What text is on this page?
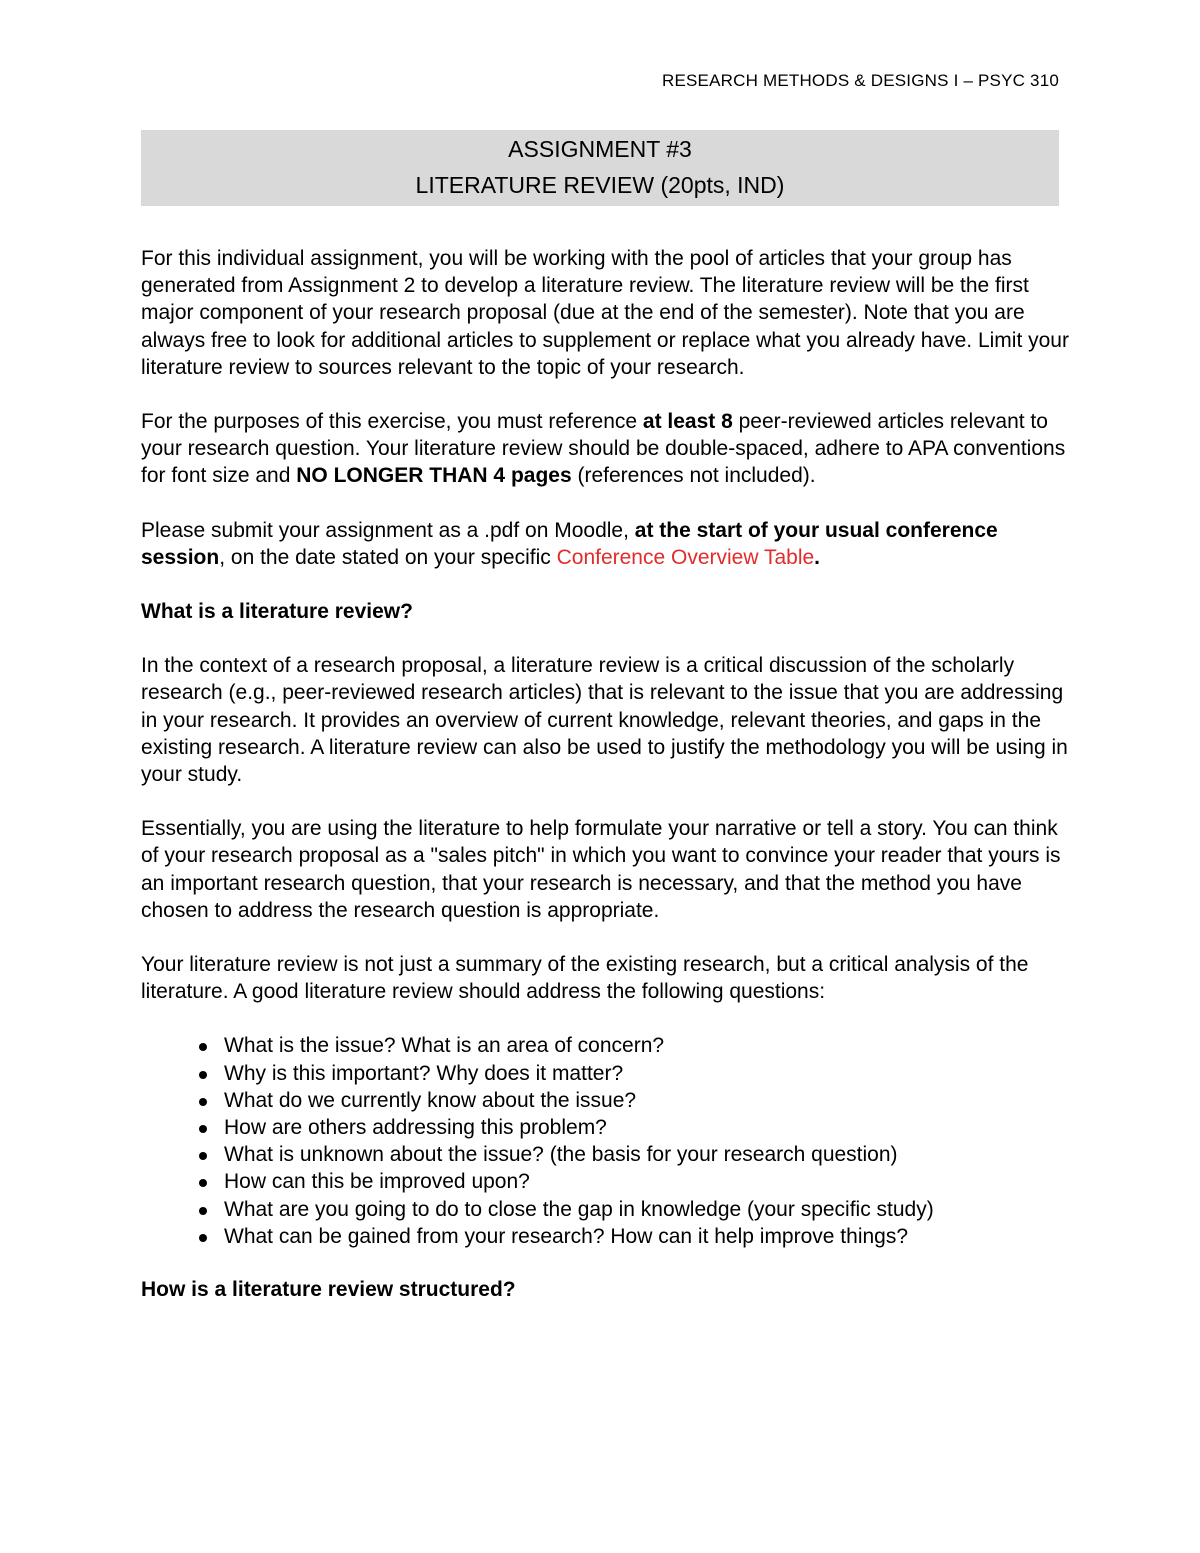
RESEARCH METHODS & DESIGNS I – PSYC 310
ASSIGNMENT #3
LITERATURE REVIEW (20pts, IND)

For this individual assignment, you will be working with the pool of articles that your group has generated from Assignment 2 to develop a literature review. The literature review will be the first major component of your research proposal (due at the end of the semester). Note that you are always free to look for additional articles to supplement or replace what you already have. Limit your literature review to sources relevant to the topic of your research.

For the purposes of this exercise, you must reference at least 8 peer-reviewed articles relevant to your research question. Your literature review should be double-spaced, adhere to APA conventions for font size and NO LONGER THAN 4 pages (references not included).

Please submit your assignment as a .pdf on Moodle, at the start of your usual conference session, on the date stated on your specific Conference Overview Table.

What is a literature review?

In the context of a research proposal, a literature review is a critical discussion of the scholarly research (e.g., peer-reviewed research articles) that is relevant to the issue that you are addressing in your research. It provides an overview of current knowledge, relevant theories, and gaps in the existing research. A literature review can also be used to justify the methodology you will be using in your study.

Essentially, you are using the literature to help formulate your narrative or tell a story. You can think of your research proposal as a "sales pitch" in which you want to convince your reader that yours is an important research question, that your research is necessary, and that the method you have chosen to address the research question is appropriate.

Your literature review is not just a summary of the existing research, but a critical analysis of the literature. A good literature review should address the following questions:

What is the issue? What is an area of concern?
Why is this important? Why does it matter?
What do we currently know about the issue?
How are others addressing this problem?
What is unknown about the issue? (the basis for your research question)
How can this be improved upon?
What are you going to do to close the gap in knowledge (your specific study)
What can be gained from your research? How can it help improve things?

How is a literature review structured?
